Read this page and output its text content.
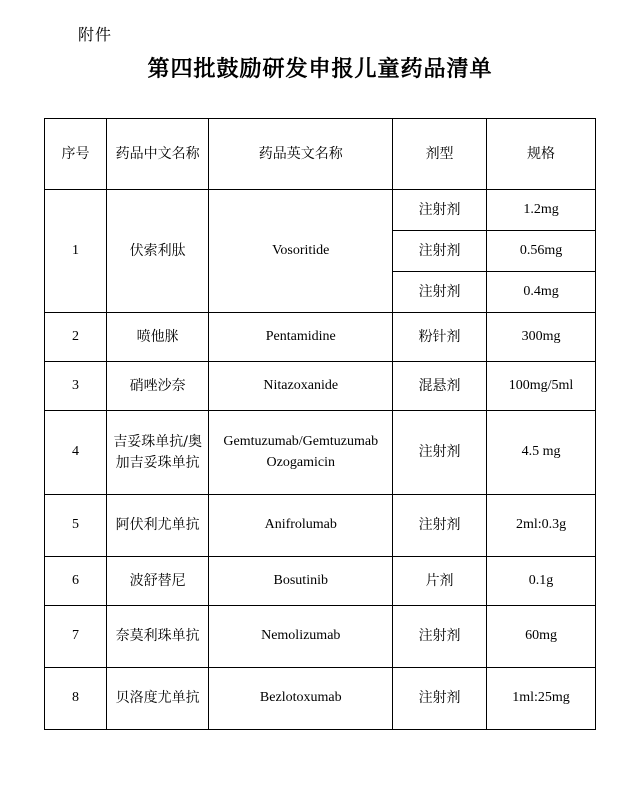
附件
第四批鼓励研发申报儿童药品清单
序号	药品中文名称	药品英文名称	剂型	规格
1	伏索利肽	Vosoritide	注射剂	1.2mg
			注射剂	0.56mg
			注射剂	0.4mg
2	喷他脒	Pentamidine	粉针剂	300mg
3	硝唑沙奈	Nitazoxanide	混悬剂	100mg/5ml
4	吉妥珠单抗/奥加吉妥珠单抗	Gemtuzumab/Gemtuzumab Ozogamicin	注射剂	4.5 mg
5	阿伏利尤单抗	Anifrolumab	注射剂	2ml:0.3g
6	波舒替尼	Bosutinib	片剂	0.1g
7	奈莫利珠单抗	Nemolizumab	注射剂	60mg
8	贝洛度尤单抗	Bezlotoxumab	注射剂	1ml:25mg
